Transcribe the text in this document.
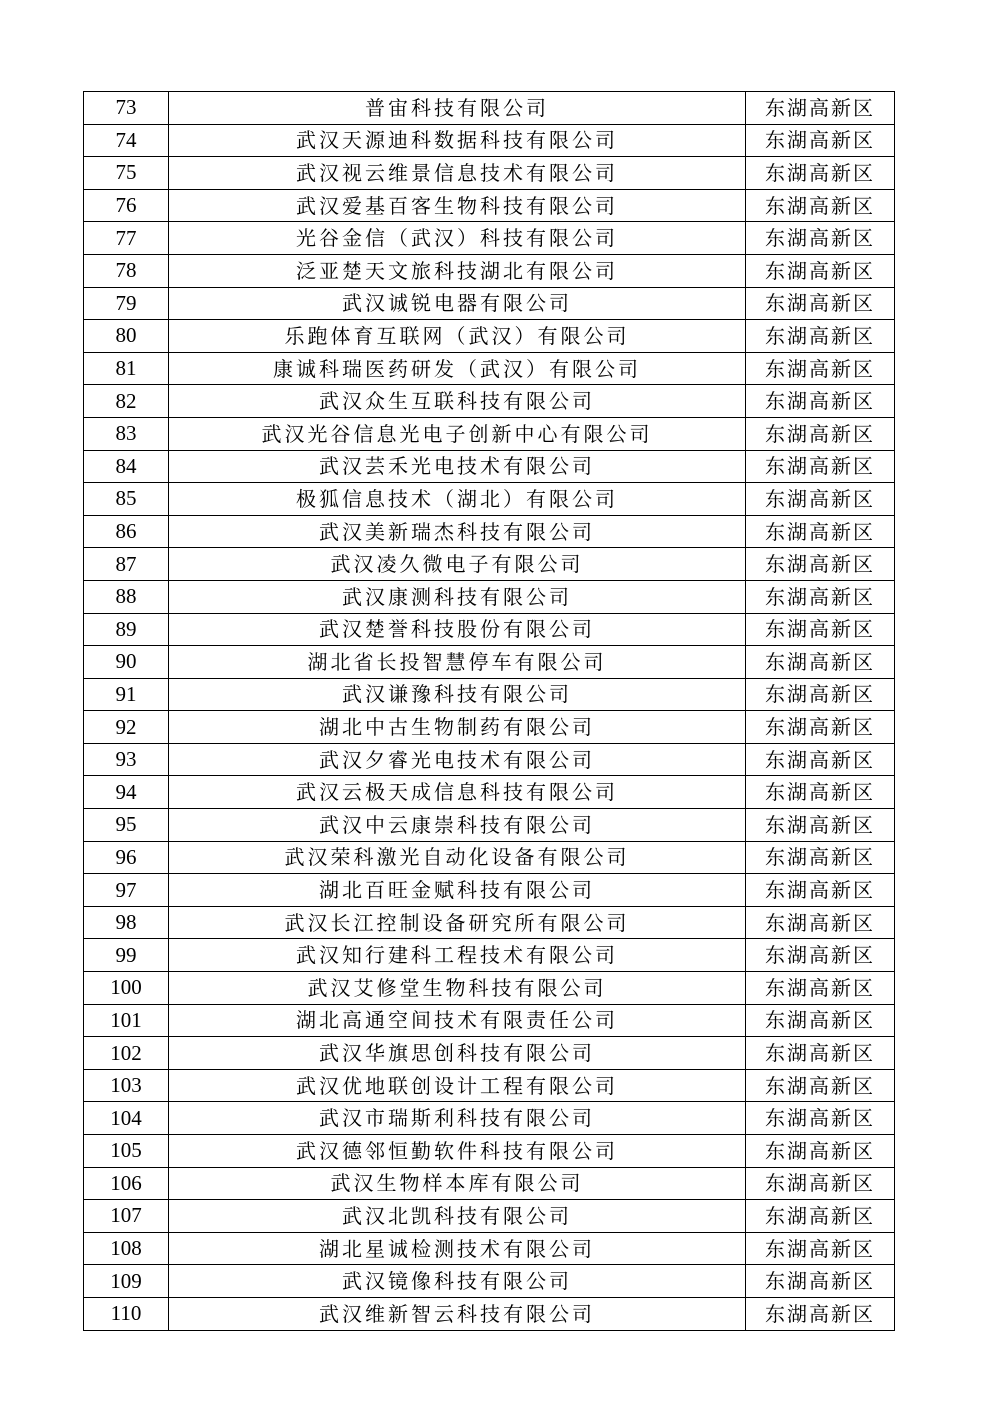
73	普宙科技有限公司	东湖高新区
74	武汉天源迪科数据科技有限公司	东湖高新区
75	武汉视云维景信息技术有限公司	东湖高新区
76	武汉爱基百客生物科技有限公司	东湖高新区
77	光谷金信（武汉）科技有限公司	东湖高新区
78	泛亚楚天文旅科技湖北有限公司	东湖高新区
79	武汉诚锐电器有限公司	东湖高新区
80	乐跑体育互联网（武汉）有限公司	东湖高新区
81	康诚科瑞医药研发（武汉）有限公司	东湖高新区
82	武汉众生互联科技有限公司	东湖高新区
83	武汉光谷信息光电子创新中心有限公司	东湖高新区
84	武汉芸禾光电技术有限公司	东湖高新区
85	极狐信息技术（湖北）有限公司	东湖高新区
86	武汉美新瑞杰科技有限公司	东湖高新区
87	武汉凌久微电子有限公司	东湖高新区
88	武汉康测科技有限公司	东湖高新区
89	武汉楚誉科技股份有限公司	东湖高新区
90	湖北省长投智慧停车有限公司	东湖高新区
91	武汉谦豫科技有限公司	东湖高新区
92	湖北中古生物制药有限公司	东湖高新区
93	武汉夕睿光电技术有限公司	东湖高新区
94	武汉云极天成信息科技有限公司	东湖高新区
95	武汉中云康崇科技有限公司	东湖高新区
96	武汉荣科激光自动化设备有限公司	东湖高新区
97	湖北百旺金赋科技有限公司	东湖高新区
98	武汉长江控制设备研究所有限公司	东湖高新区
99	武汉知行建科工程技术有限公司	东湖高新区
100	武汉艾修堂生物科技有限公司	东湖高新区
101	湖北高通空间技术有限责任公司	东湖高新区
102	武汉华旗思创科技有限公司	东湖高新区
103	武汉优地联创设计工程有限公司	东湖高新区
104	武汉市瑞斯利科技有限公司	东湖高新区
105	武汉德邻恒勤软件科技有限公司	东湖高新区
106	武汉生物样本库有限公司	东湖高新区
107	武汉北凯科技有限公司	东湖高新区
108	湖北星诚检测技术有限公司	东湖高新区
109	武汉镜像科技有限公司	东湖高新区
110	武汉维新智云科技有限公司	东湖高新区
